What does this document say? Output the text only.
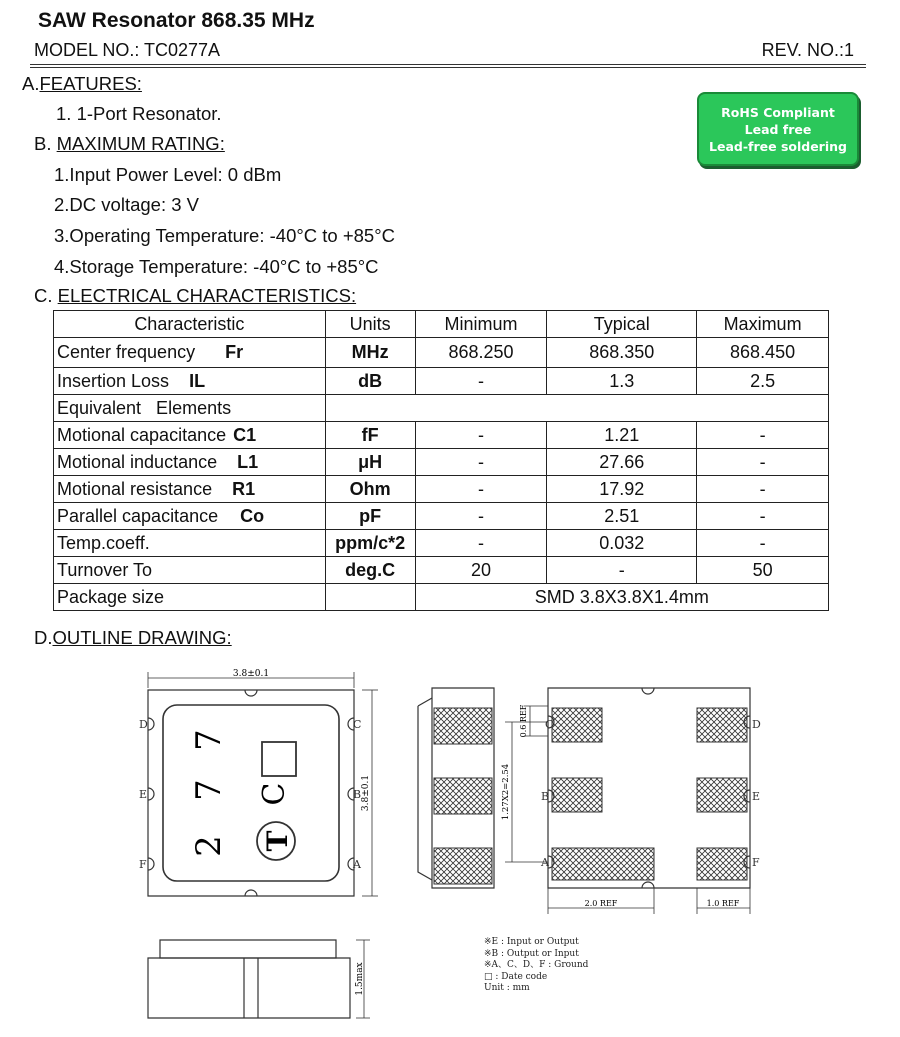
SAW Resonator 868.35 MHz
MODEL NO.: TC0277A	REV. NO.:1
A.FEATURES:
1. 1-Port Resonator.	RoHS Compliant
Lead free
Lead-free soldering
B. MAXIMUM RATING:
1.Input Power Level: 0 dBm
2.DC voltage: 3 V
3.Operating Temperature: -40°C to +85°C
4.Storage Temperature: -40°C to +85°C
C. ELECTRICAL CHARACTERISTICS:
Characteristic	Units	Minimum	Typical	Maximum
Center frequency Fr	MHz	868.250	868.350	868.450
Insertion Loss IL	dB	-	1.3	2.5
Equivalent   Elements				
Motional capacitance C1	fF	-	1.21	-
Motional inductance L1	μH	-	27.66	-
Motional resistance R1	Ohm	-	17.92	-
Parallel capacitance Co	pF	-	2.51	-
Temp.coeff.	ppm/c*2	-	0.032	-
Turnover To	deg.C	20	-	50
Package size		SMD 3.8X3.8X1.4mm		
D.OUTLINE DRAWING:
3.8±0.1
3.8±0.1
7
7
2
C
T
D	C
E	B
F	A
C	D
B	E
A	F
1.27X2=2.54
0.6 REF
2.0 REF	1.0 REF
1.5max
※E : Input or Output
※B : Output or Input
※A、C、D、F : Ground
□ : Date code
Unit : mm
